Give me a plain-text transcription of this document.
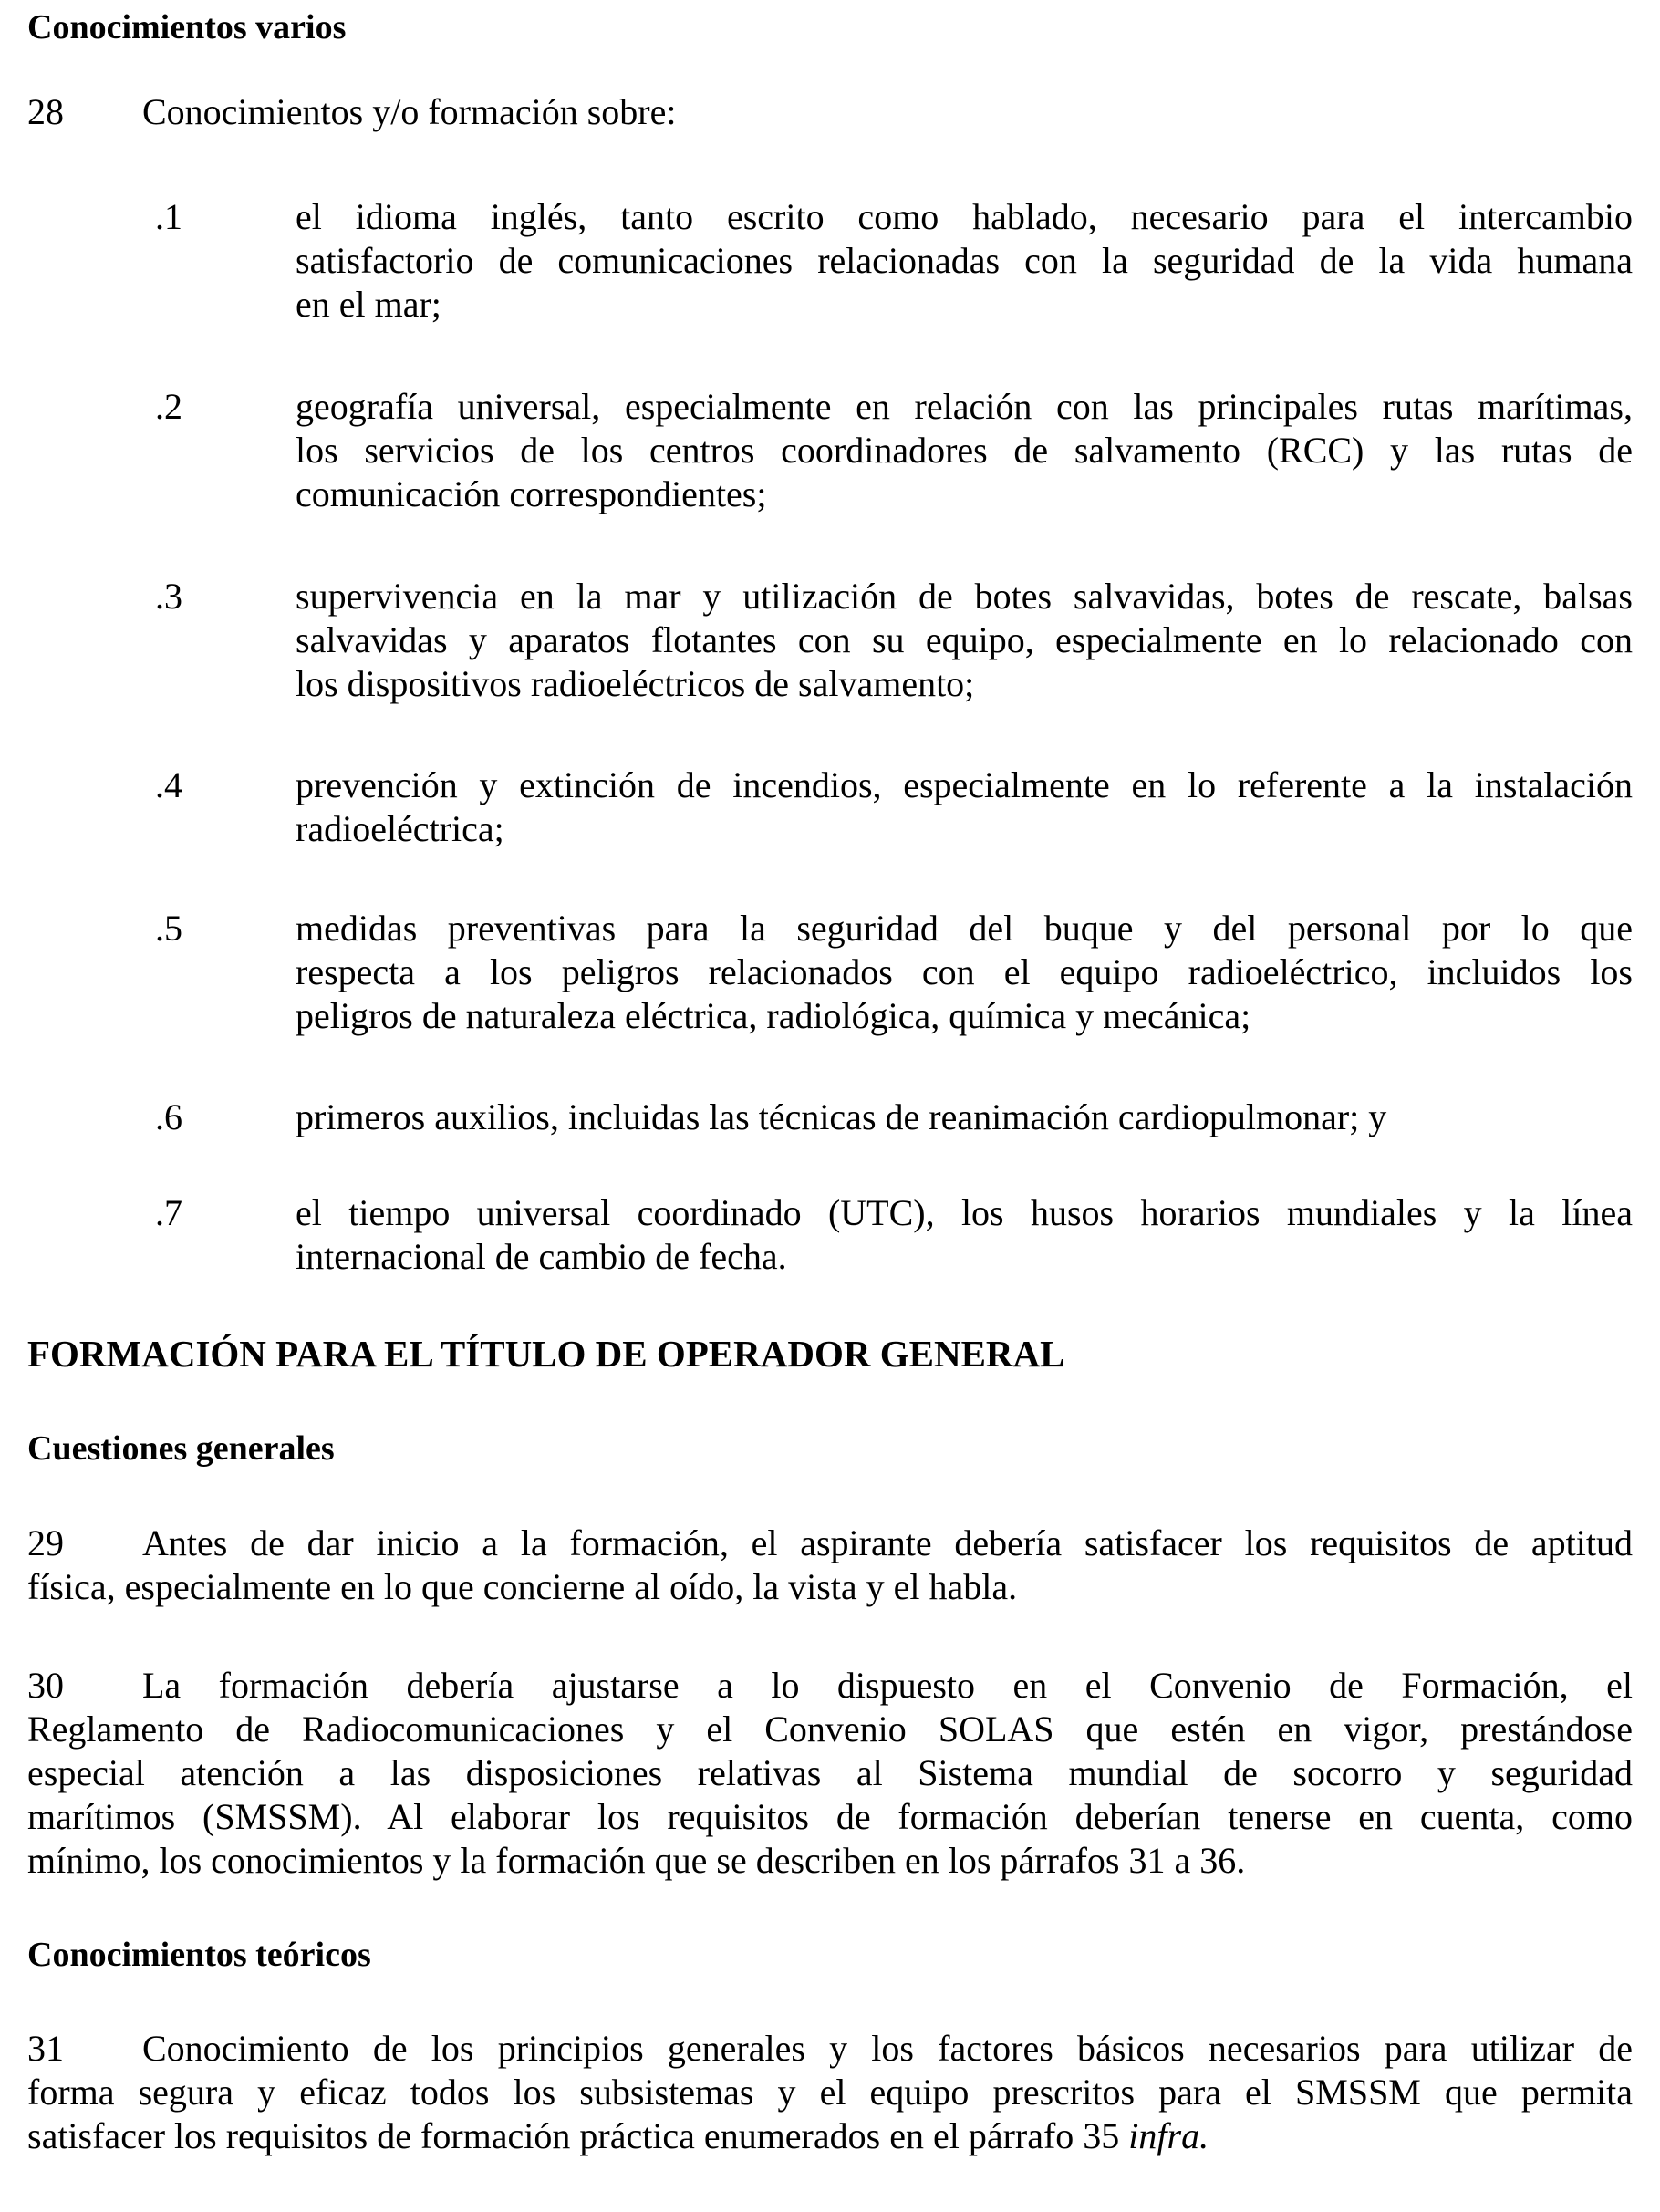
Conocimientos varios
28 Conocimientos y/o formación sobre:
.1	el idioma inglés, tanto escrito como hablado, necesario para el intercambio
satisfactorio de comunicaciones relacionadas con la seguridad de la vida humana
en el mar;
.2	geografía universal, especialmente en relación con las principales rutas marítimas,
los servicios de los centros coordinadores de salvamento (RCC) y las rutas de
comunicación correspondientes;
.3	supervivencia en la mar y utilización de botes salvavidas, botes de rescate, balsas
salvavidas y aparatos flotantes con su equipo, especialmente en lo relacionado con
los dispositivos radioeléctricos de salvamento;
.4	prevención y extinción de incendios, especialmente en lo referente a la instalación
radioeléctrica;
.5	medidas preventivas para la seguridad del buque y del personal por lo que
respecta a los peligros relacionados con el equipo radioeléctrico, incluidos los
peligros de naturaleza eléctrica, radiológica, química y mecánica;
.6	primeros auxilios, incluidas las técnicas de reanimación cardiopulmonar; y
.7	el tiempo universal coordinado (UTC), los husos horarios mundiales y la línea
internacional de cambio de fecha.
FORMACIÓN PARA EL TÍTULO DE OPERADOR GENERAL
Cuestiones generales
29 Antes de dar inicio a la formación, el aspirante debería satisfacer los requisitos de aptitud
física, especialmente en lo que concierne al oído, la vista y el habla.
30 La formación debería ajustarse a lo dispuesto en el Convenio de Formación, el
Reglamento de Radiocomunicaciones y el Convenio SOLAS que estén en vigor, prestándose
especial atención a las disposiciones relativas al Sistema mundial de socorro y seguridad
marítimos (SMSSM). Al elaborar los requisitos de formación deberían tenerse en cuenta, como
mínimo, los conocimientos y la formación que se describen en los párrafos 31 a 36.
Conocimientos teóricos
31 Conocimiento de los principios generales y los factores básicos necesarios para utilizar de
forma segura y eficaz todos los subsistemas y el equipo prescritos para el SMSSM que permita
satisfacer los requisitos de formación práctica enumerados en el párrafo 35 infra.
